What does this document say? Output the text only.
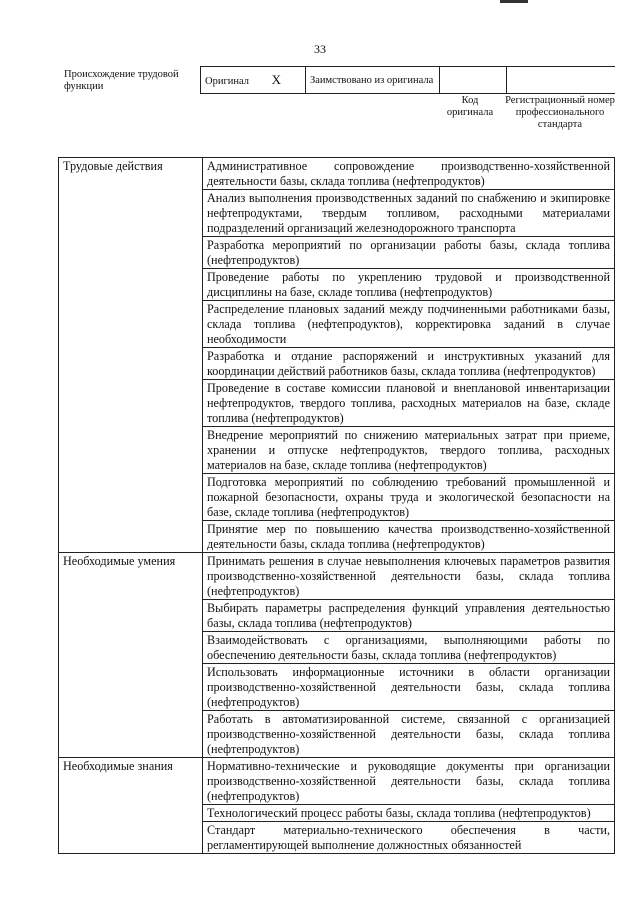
33
Происхождение трудовой функции	Оригинал X	Заимствовано из оригинала		
Код оригинала
Регистрационный номер профессионального стандарта
Трудовые действия	Административное сопровождение производственно-хозяйственной деятельности базы, склада топлива (нефтепродуктов)
	Анализ выполнения производственных заданий по снабжению и экипировке нефтепродуктами, твердым топливом, расходными материалами подразделений организаций железнодорожного транспорта
	Разработка мероприятий по организации работы базы, склада топлива (нефтепродуктов)
	Проведение работы по укреплению трудовой и производственной дисциплины на базе, складе топлива (нефтепродуктов)
	Распределение плановых заданий между подчиненными работниками базы, склада топлива (нефтепродуктов), корректировка заданий в случае необходимости
	Разработка и отдание распоряжений и инструктивных указаний для координации действий работников базы, склада топлива (нефтепродуктов)
	Проведение в составе комиссии плановой и внеплановой инвентаризации нефтепродуктов, твердого топлива, расходных материалов на базе, складе топлива (нефтепродуктов)
	Внедрение мероприятий по снижению материальных затрат при приеме, хранении и отпуске нефтепродуктов, твердого топлива, расходных материалов на базе, складе топлива (нефтепродуктов)
	Подготовка мероприятий по соблюдению требований промышленной и пожарной безопасности, охраны труда и экологической безопасности на базе, складе топлива (нефтепродуктов)
	Принятие мер по повышению качества производственно-хозяйственной деятельности базы, склада топлива (нефтепродуктов)
Необходимые умения	Принимать решения в случае невыполнения ключевых параметров развития производственно-хозяйственной деятельности базы, склада топлива (нефтепродуктов)
	Выбирать параметры распределения функций управления деятельностью базы, склада топлива (нефтепродуктов)
	Взаимодействовать с организациями, выполняющими работы по обеспечению деятельности базы, склада топлива (нефтепродуктов)
	Использовать информационные источники в области организации производственно-хозяйственной деятельности базы, склада топлива (нефтепродуктов)
	Работать в автоматизированной системе, связанной с организацией производственно-хозяйственной деятельности базы, склада топлива (нефтепродуктов)
Необходимые знания	Нормативно-технические и руководящие документы при организации производственно-хозяйственной деятельности базы, склада топлива (нефтепродуктов)
	Технологический процесс работы базы, склада топлива (нефтепродуктов)
	Стандарт материально-технического обеспечения в части, регламентирующей выполнение должностных обязанностей
